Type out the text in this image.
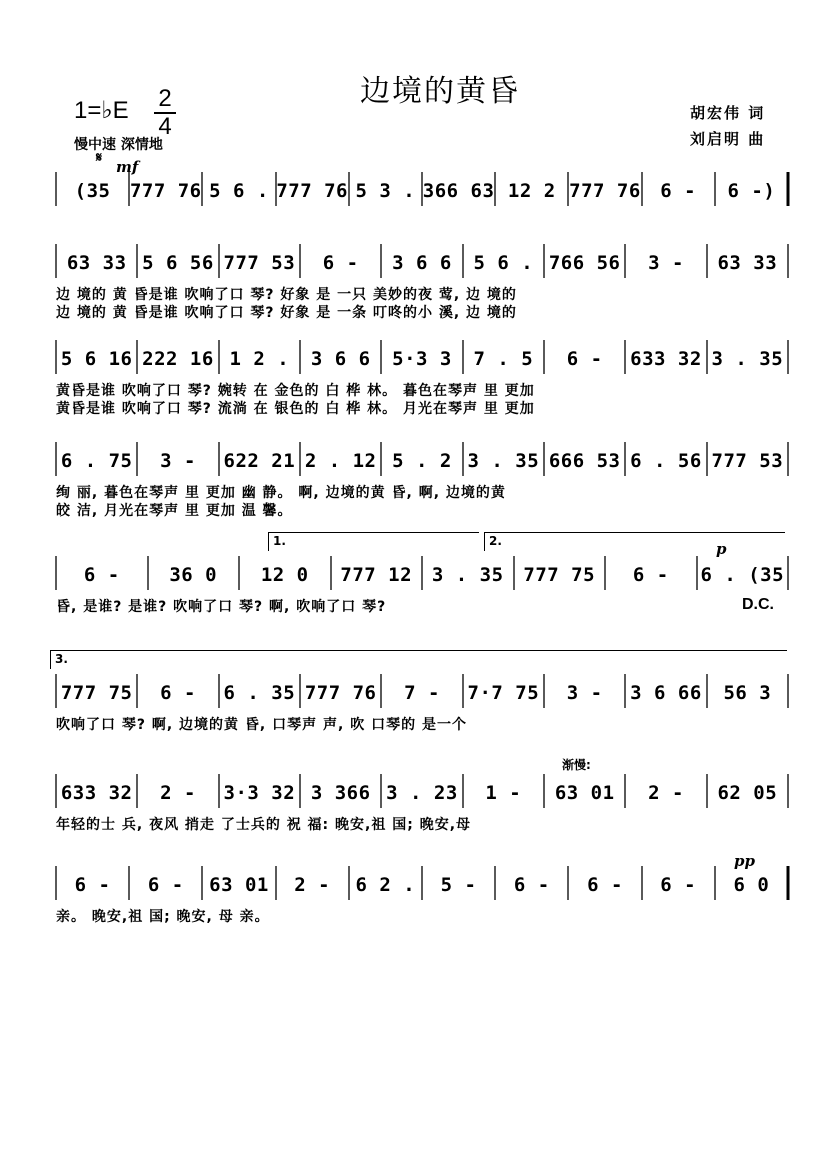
边境的黄昏
1=♭E	2
4
慢中速 深情地
胡宏伟 词
刘启明 曲
𝄋 mf
p
pp
D.C.
渐慢:
1.	2.
3.
(35	777 76 5 6 . 777 76 5 3 . 366 63 12 2 777 76	6 -	6 -)
63 33 5 6 56 777 53	6 -	3 6 6	5 6 . 766 56	3 -	63 33
边 境的 黄 昏是谁 吹响了口 琴? 好象 是 一只 美妙的夜 莺, 边 境的
边 境的 黄 昏是谁 吹响了口 琴? 好象 是 一条 叮咚的小 溪, 边 境的
5 6 16 222 16 1 2 .	3 6 6	5·3 3	7 . 5	6 -	633 32 3 . 35
黄昏是谁 吹响了口 琴? 婉转 在 金色的 白 桦 林。 暮色在琴声 里 更加
黄昏是谁 吹响了口 琴? 流淌 在 银色的 白 桦 林。 月光在琴声 里 更加
6 . 75	3 -	622 21 2 . 12 5 . 2 3 . 35 666 53 6 . 56 777 53
绚 丽, 暮色在琴声 里 更加 幽 静。 啊, 边境的黄 昏, 啊, 边境的黄
皎 洁, 月光在琴声 里 更加 温 馨。
6 -	36 0	12 0	777 12	3 . 35	777 75	6 -	6 . (35
昏, 是谁? 是谁? 吹响了口 琴? 啊, 吹响了口 琴?
777 75	6 -	6 . 35 777 76	7 -	7·7 75	3 -	3 6 66	56 3
吹响了口 琴? 啊, 边境的黄 昏, 口琴声 声, 吹 口琴的 是一个
633 32	2 -	3·3 32 3 366 3 . 23	1 -	63 01	2 -	62 05
年轻的士 兵, 夜风 捎走 了士兵的 祝 福: 晚安,祖 国; 晚安,母
6 -	6 -	63 01	2 -	6 2 .	5 -	6 -	6 -	6 -	6 0
亲。 晚安,祖 国; 晚安, 母 亲。
